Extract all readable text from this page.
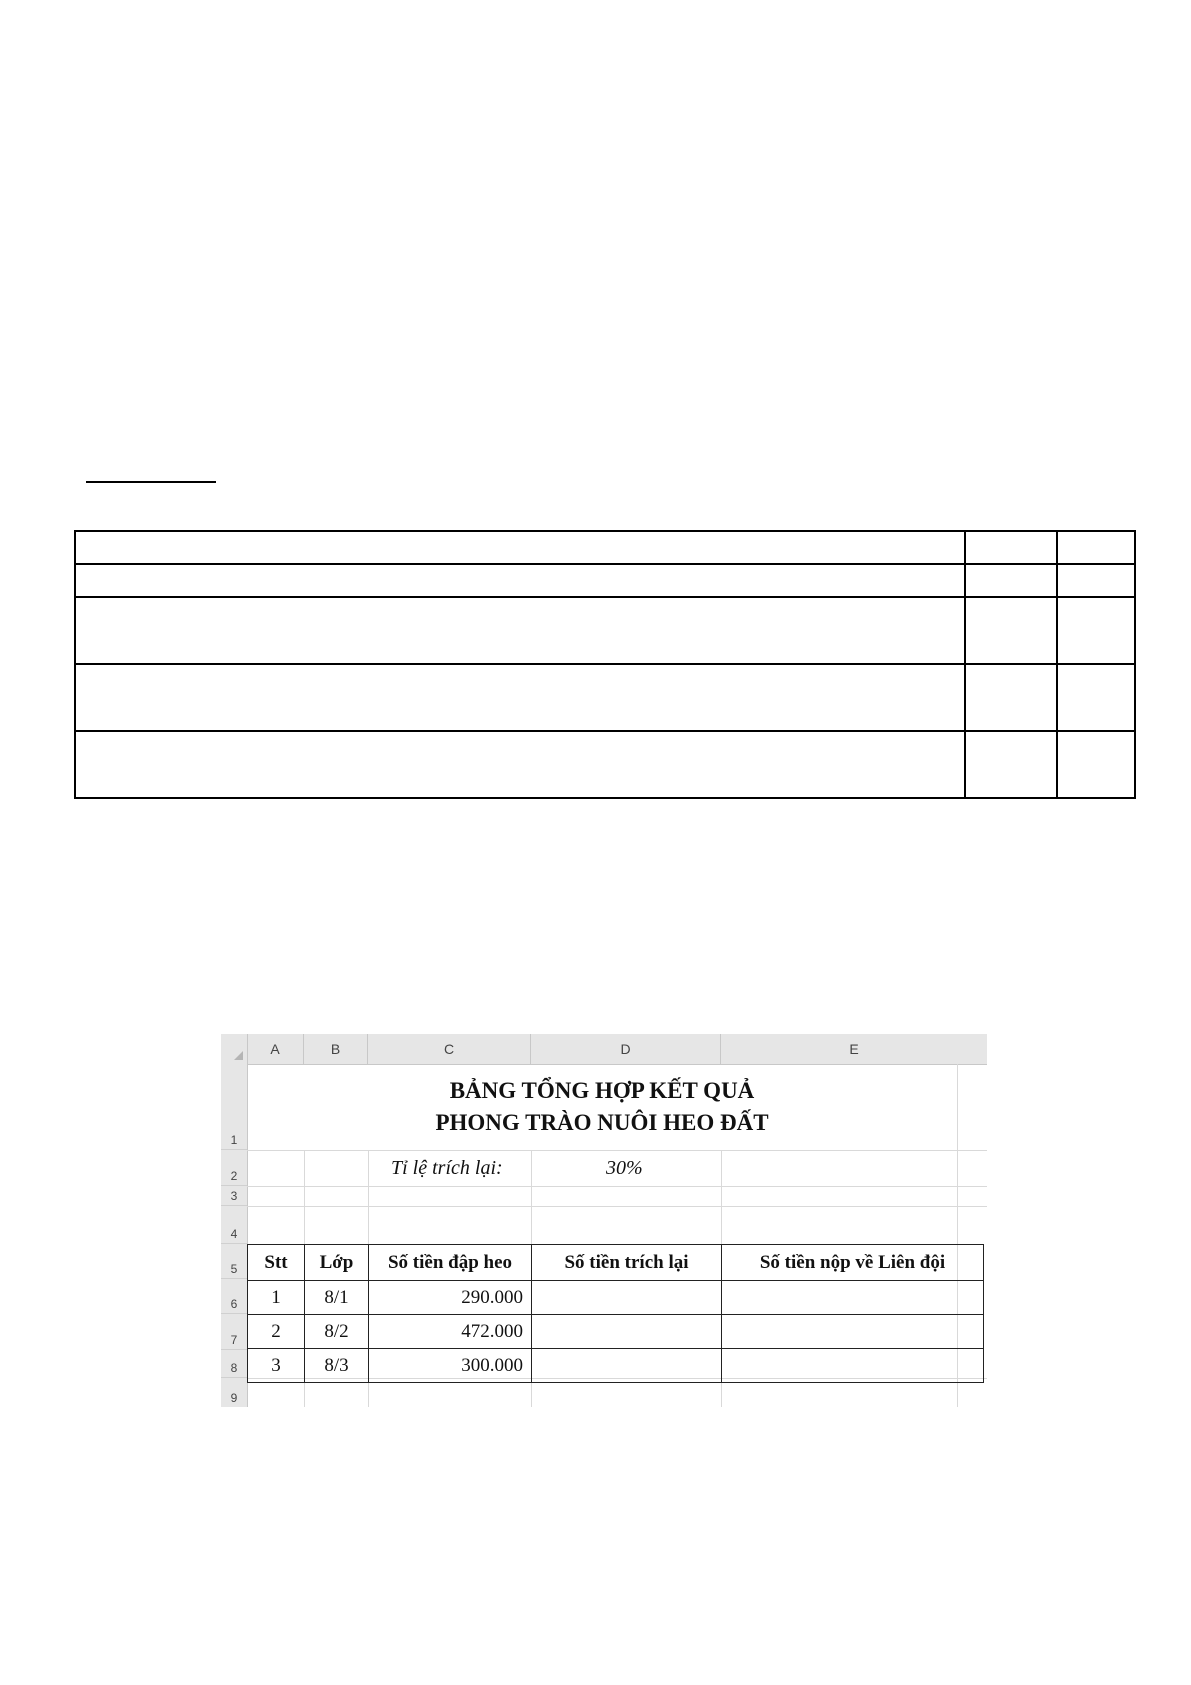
A	B	C	D	E
1
2
3
4
5
6
7
8
9
BẢNG TỔNG HỢP KẾT QUẢ
PHONG TRÀO NUÔI HEO ĐẤT
Tỉ lệ trích lại:	30%
Stt	Lớp	Số tiền đập heo	Số tiền trích lại	Số tiền nộp về Liên đội
1	8/1	290.000		
2	8/2	472.000		
3	8/3	300.000		
